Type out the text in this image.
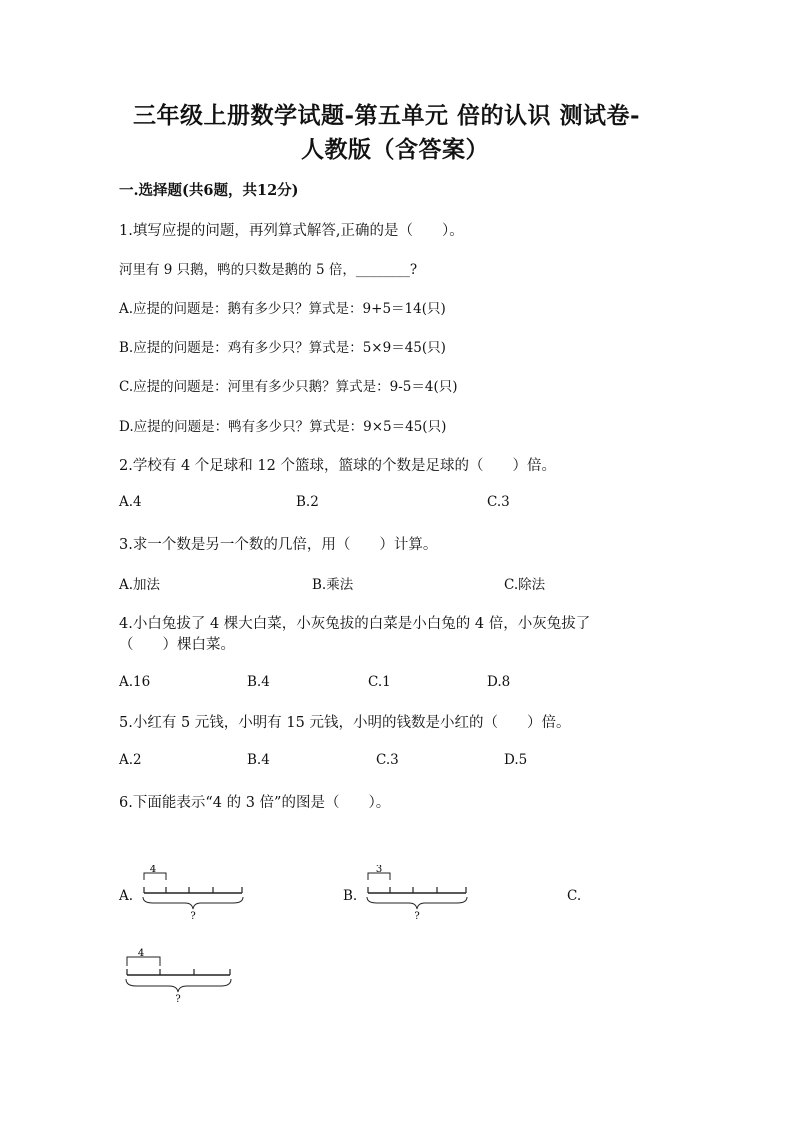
三年级上册数学试题-第五单元 倍的认识 测试卷-
人教版（含答案）
一.选择题(共6题，共12分)
1.填写应提的问题，再列算式解答,正确的是（　　）。
河里有 9 只鹅，鸭的只数是鹅的 5 倍，________?
A.应提的问题是：鹅有多少只？算式是：9+5＝14(只)
B.应提的问题是：鸡有多少只？算式是：5×9＝45(只)
C.应提的问题是：河里有多少只鹅？算式是：9-5＝4(只)
D.应提的问题是：鸭有多少只？算式是：9×5＝45(只)
2.学校有 4 个足球和 12 个篮球，篮球的个数是足球的（　　）倍。
A.4	B.2	C.3
3.求一个数是另一个数的几倍，用（　　）计算。
A.加法	B.乘法	C.除法
4.小白兔拔了 4 棵大白菜，小灰兔拔的白菜是小白兔的 4 倍，小灰兔拔了
（　　）棵白菜。
A.16	B.4	C.1	D.8
5.小红有 5 元钱，小明有 15 元钱，小明的钱数是小红的（　　）倍。
A.2	B.4	C.3	D.5
6.下面能表示“4 的 3 倍”的图是（　　）。
A.	B.	C.
4
?
3
?
4
?
